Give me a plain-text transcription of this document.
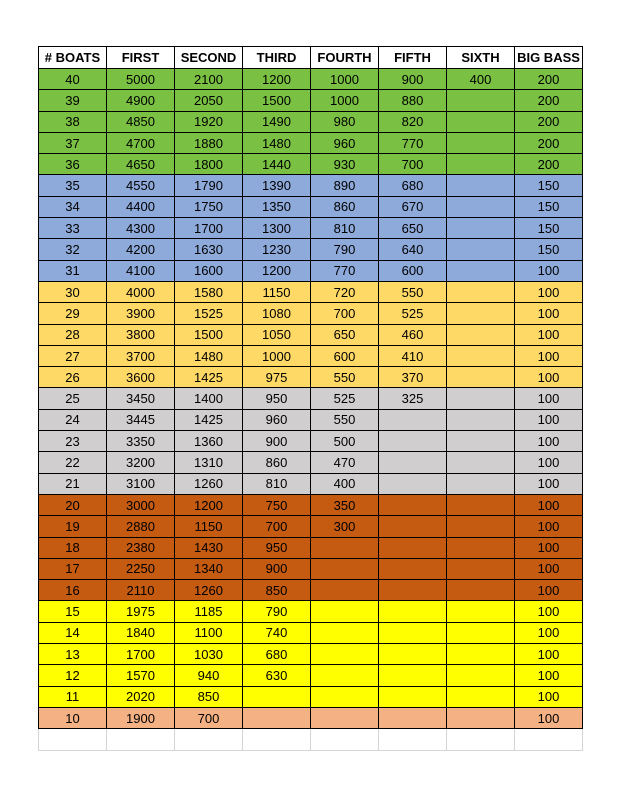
# BOATS	FIRST	SECOND	THIRD	FOURTH	FIFTH	SIXTH	BIG BASS
40	5000	2100	1200	1000	900	400	200
39	4900	2050	1500	1000	880		200
38	4850	1920	1490	980	820		200
37	4700	1880	1480	960	770		200
36	4650	1800	1440	930	700		200
35	4550	1790	1390	890	680		150
34	4400	1750	1350	860	670		150
33	4300	1700	1300	810	650		150
32	4200	1630	1230	790	640		150
31	4100	1600	1200	770	600		100
30	4000	1580	1150	720	550		100
29	3900	1525	1080	700	525		100
28	3800	1500	1050	650	460		100
27	3700	1480	1000	600	410		100
26	3600	1425	975	550	370		100
25	3450	1400	950	525	325		100
24	3445	1425	960	550			100
23	3350	1360	900	500			100
22	3200	1310	860	470			100
21	3100	1260	810	400			100
20	3000	1200	750	350			100
19	2880	1150	700	300			100
18	2380	1430	950				100
17	2250	1340	900				100
16	2110	1260	850				100
15	1975	1185	790				100
14	1840	1100	740				100
13	1700	1030	680				100
12	1570	940	630				100
11	2020	850					100
10	1900	700					100
